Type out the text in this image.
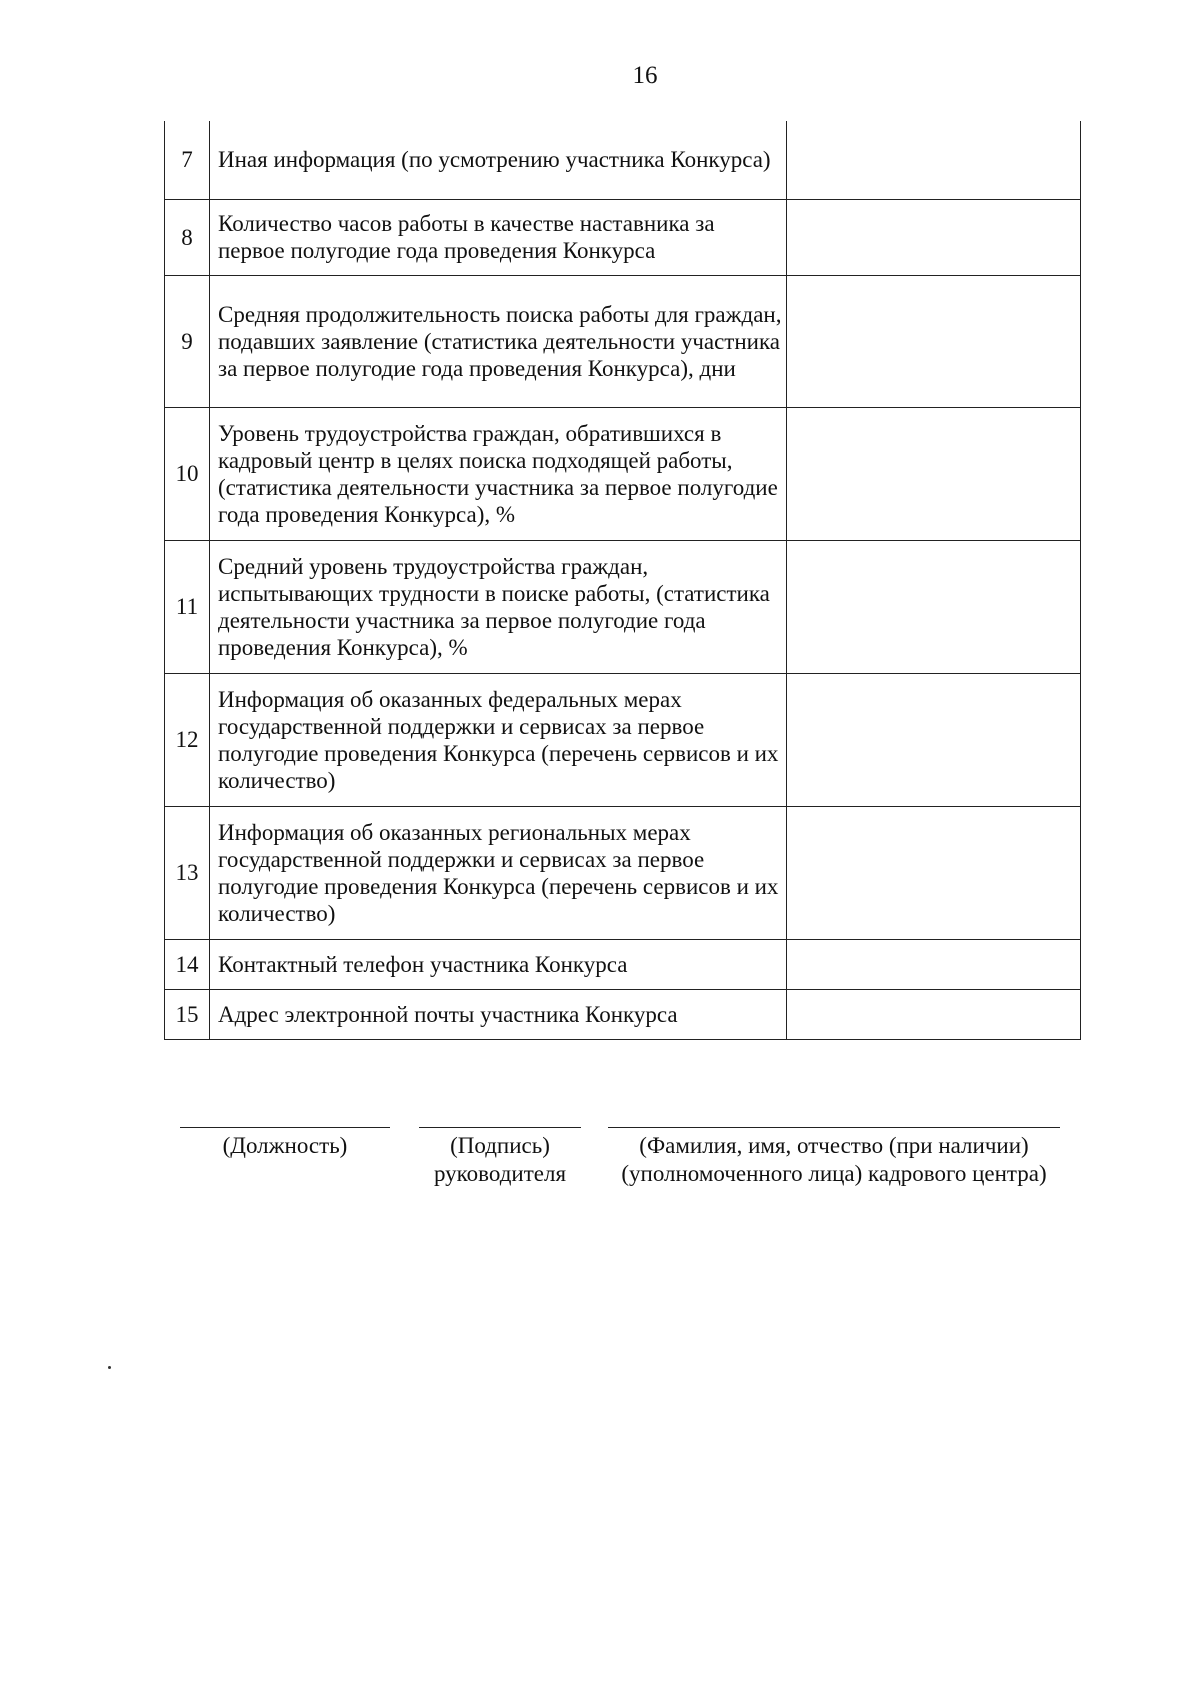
16
7	Иная информация (по усмотрению участника Конкурса)	
8	Количество часов работы в качестве наставника за первое полугодие года проведения Конкурса	
9	Средняя продолжительность поиска работы для граждан, подавших заявление (статистика деятельности участника за первое полугодие года проведения Конкурса), дни	
10	Уровень трудоустройства граждан, обратившихся в кадровый центр в целях поиска подходящей работы, (статистика деятельности участника за первое полугодие года проведения Конкурса), %	
11	Средний уровень трудоустройства граждан, испытывающих трудности в поиске работы, (статистика деятельности участника за первое полугодие года проведения Конкурса), %	
12	Информация об оказанных федеральных мерах государственной поддержки и сервисах за первое полугодие проведения Конкурса (перечень сервисов и их количество)	
13	Информация об оказанных региональных мерах государственной поддержки и сервисах за первое полугодие проведения Конкурса (перечень сервисов и их количество)	
14	Контактный телефон участника Конкурса	
15	Адрес электронной почты участника Конкурса	
(Должность)	(Подпись)
руководителя
(Фамилия, имя, отчество (при наличии)
(уполномоченного лица) кадрового центра)
